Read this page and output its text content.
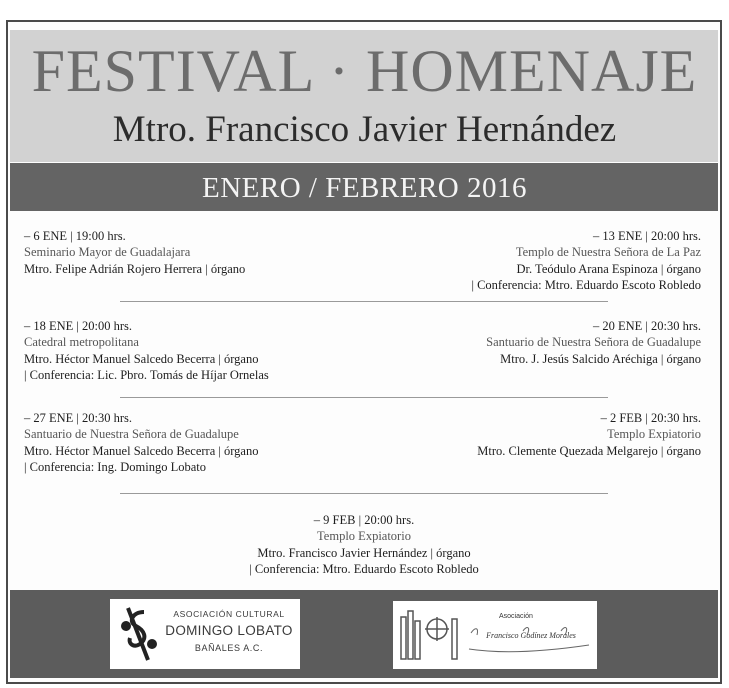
FESTIVAL · HOMENAJE
Mtro. Francisco Javier Hernández
ENERO / FEBRERO 2016
– 6 ENE | 19:00 hrs.
Seminario Mayor de Guadalajara
Mtro. Felipe Adrián Rojero Herrera | órgano
– 13 ENE | 20:00 hrs.
Templo de Nuestra Señora de La Paz
Dr. Teódulo Arana Espinoza | órgano
| Conferencia: Mtro. Eduardo Escoto Robledo
– 18 ENE | 20:00 hrs.
Catedral metropolitana
Mtro. Héctor Manuel Salcedo Becerra | órgano
| Conferencia: Lic. Pbro. Tomás de Híjar Ornelas
– 20 ENE | 20:30 hrs.
Santuario de Nuestra Señora de Guadalupe
Mtro. J. Jesús Salcido Aréchiga | órgano
– 27 ENE | 20:30 hrs.
Santuario de Nuestra Señora de Guadalupe
Mtro. Héctor Manuel Salcedo Becerra | órgano
| Conferencia: Ing. Domingo Lobato
– 2 FEB | 20:30 hrs.
Templo Expiatorio
Mtro. Clemente Quezada Melgarejo | órgano
– 9 FEB | 20:00 hrs.
Templo Expiatorio
Mtro. Francisco Javier Hernández | órgano
| Conferencia: Mtro. Eduardo Escoto Robledo
ASOCIACIÓN CULTURAL
DOMINGO LOBATO
BAÑALES A.C.
Asociación
Francisco Godínez Morales
